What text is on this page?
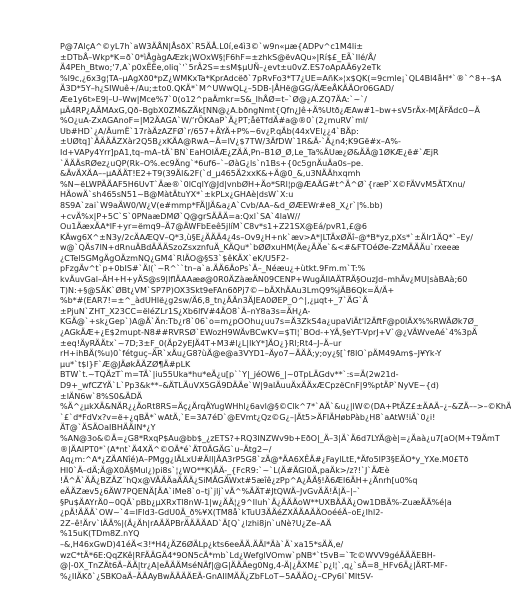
P@7AlçA^©yL7h`aW3ÄÅN|ÅsðX`R5ÄÅ.L0í,e4ì3©`w9n«µæ{ADPv^c1M4li±
±DTbÅ–Wkp*K=ð`0*ìÅgàgAÆzk¡WOxW§¦F6hF=±zhkS@ëvAQu»|Rí$£_EÃ`Ilé/Å/
Ä4PEh_Btwo;'7,A`p0xËËe,oliq`'`5rÂ2S=±sM$µUÑ–¿evt±u0vZ.ES7oApAÄ6y2eTk
%l9c,¿6x3g¦TA–µAgXð0*pZ¿WMKxTa*KprAdcëð`7pRvFo3*T7¿UE=AñK»¦x$QK(=9cmle¡`QL4Bl4åH*`®`^8+–$A
Ä3D*5Y–h¿SIWuê+/Au;±to0.QKÄ*`M^UWwQL¿–5DB-|ÅHë@GG/ÄÆeÅKÄÄOr06GAD/
Æe1y6t»E9|–U–Ww|Mce%7`0(o12^paÄmkr=S&_lhÅØ=t–`Ø@¿A.ZQ7ÄA:`~`/
µÄ4RP¿AÄMAxG,Qð–BgbX0ZM&ZÄk[NN@¿A.bðngNmt{Qfn¿Jê+Ä%Utð¿ÆAw#1–bw+sV5rÄx-M[ÄFÄdc0~Ä
%O¿uA-ZxAGAnoF=|M2ÄAGA`W/’rÖKAaP`Ä¿PT;åëTfdÄ#a@®0`(2¿muRV`ml/
Ub#HD`¿A/ÄumË`17ràÄzAZFØ`r/657+ÄYÄ+P%~6v¿P.qÄb(44xVEl¿¿4`BÄp:
±UØtq]`ÄÄÄÄZXàr2Q5B¿xKÄA@RwA~Ä=lV¿$7TW/3ÄfDW`1R&Ä-`Ä¿n4;K9Gë#x–A%-
Id+VAPy4Yrr]pA1,tq–mA–tÄ`BN`EaHOIÄÆ¿ZÄÄ,Pn–B1Ø_Ø,Le_Ta%ÄUæ¿Ø&ÄÄ@1ØKÆ¿ë#`ÆjR
`ÄÄÄsRØez¿uQP(Rk–O%.ec9Äng`*6uf6–`–ØàG¿ls`n1Bs+{0c5gnÄuÄa0s–pe.
&ÄvÄXÄA––µAÄÄT!E2+T9(39Äl&2F(`d_µ465Ä2xxK&+Ä@0_&,u3NÄÄhxqmh
%N~ëLWPÄÄAF5H6UvT`Äæ®`0lCqlY@Jd|vnbØH+Äo*SRl¦p@ÆAÄG#t^Ä^Ø`{ræP`X©FÄVvM5ÄTXnu/
HÄowÄ`sh465sN51~B@MàtÄtuYX*`±kPLx¿GHAè|dsW`X:u
8S9A`zai`W9aÄW0/W¿V(e#mmp*FÄ|JÄ&a¿A`Cvb/AA–&d_ØÆEWr#e8_X¿r`|%.bb)
+cvÄ%x|P+5C`S`0PNaæDMØ`Q@grSÄÄÄ=a:Qxl`SA`4laW//
Ou1ÄæxÄA*lF+yr=ëmq9–Ä7@ÄWFbEeê5jlíM`C8v*s1+Z21SX@Eá/pvR1,£@6
KÄwg6X^±N3y/2cÄAÆQV–Q*3,ù§E¿ÄÄÄ4¿4s–Ov9¿H+nk`æv>A*|LTÄxØÄî–@*B*yz,pXs*`±Älr1ÄQ*`–Ey/
w@`QÄs7lN+dRnuÄBdÄÄÄSzoZsxznfuÄ_KÄQu*`bØØxuHM(Äe¿ÄÄe`&<#&FTOéØe-ZzMÄÄÄu`rxeeæ
¿CTel5GMgÄgOÄzmNQ¿GM4`RlÄO@§S3`$êKÄX`eK/U5F2-
pFzgÄv^t`p+0bIS#`Äl(`~R^``tn–a`a.ÄÄ6ÄoPs`Ä–_Néæu¿+ùtkt.9Fm.m`T:%
kvÄuvGal–ÄH+H+yÄS@s9|lflÄAAæø@0R0ÄZàæÄN09CENP+WugÄIlAÄTRÄ§OuzJd–mhÄv¿MU|sàBAà;60
T)N:+§@SÄK`ØBt¿VM`SP7P)OX3Skt9eFAn6ðPj7©~bÄXhÄAu3LmQ9%jÄB6Qk=Ä/Ä+
%b*#(EAR7!=±^_àdUHlë¿g2sw/Ä6,8_tn¿ÄÄn3ÄJEA0ØEP_O^|,¿µqt+_7`ÄG`Ä
±PjuN`ZHT_X23CC=ëléZLr1S¿Xb6lfV#4ÄO8`Ä–nY8a3s=ÄH¿A-
KGÄ@`+sk¿Gep`)A@Ä`Än:Tb¿r8`06`o=m¿pOOhu¿uu7s=Ä3ZkS4a¿upaViÄt'l2ÄftF@p0lÄX%%RWÄØk7Ø_
¿AGkÄÆ+¿E$2mupt-N8##RVRSØ`EWozH9WÄvBCwKV=$Tl¦`BOd-+YÄ,§eYT-VprJ+V`@¿VÄWveAé`4%3pÄ
±eq!ÄyRÄÄtx`~7D;3±F_0(Äp2yEJÄ4T+M3#l¿L|lkY*]ÄO¿}Rl;Rt4–J–Ä–ur
rH+ihBÄ(%u)0`fétguç–ÄR`xÄu¿G8?ùÄ@e@a3VYD1–Äyo7~ÄÄÄ;y;oy¿§[`f8lO`pÄM49Am$–J¥Yk-Y
µu*`t$l}F`Æ@JÄøkÄÄZØ¶Ä#pLK
BTW`t.~TQÄzT`m=TÄ`|iu55Uka*hu*eÄ¿u[p``Y|_jéOW6_|~0TpLÄGdv**`:s=Ä(2w21d-
D9+_wfCZYÄ`L`Pp3&k**–&ÄTLÄuVX5GÄ9DÄÄe`W|9alÄuuÄxÄÄxÆCpzëCnF|9%ptÄP`NyVE~{d)
±lÄN6w`8%S0&ÄDÄ
%Ä^¿µkXÄ&NÄR¿¿ÄoRt8RS=Äç¿ÄrqÄYugWHhl¿6avl@§©Clk^7*`AÄ`&u¿|lW©(DA+PtÄZ£±ÄAÄ–¿–&ZÄ––>–©KhÄ
`£`d*FdVx?v=ë+¿qBÄ*`wAtÄ,`E=3A7éD`@EVmt¿Qz©G¿–|Ät5>ÄFlÄHøbPàb¿H8`aAtW!iÄ`0¿i!
ÄT@`ÄSÄOaIBHÄÄIN*¿Y
%AN@3o&©Ä=¿G8*RxqP$Au@bb$_¿zETS?+RQ3INZWv9b+EðO|_Ä–3|Ä`Ä6d7LYÄ@è|=¿Äaà¿u7[aO(M+T9ÄmT
®|ÄAlPT0*`(A*nt`Ä4XÄ^©OÄ*é`ÄT0ÄGÄG`u–Ätg2~/
Aq¿m:^A*¿ZÄANîé)A–PMgg¿lÄLxU#Äll|ÄA3rP5G8`zÄ@*ÄA6XÊÄ#¿FaylLtE,*Äfo5lP3§EÄO*y_YXe.M0£Tð
Hl0`Ä–dÄ;Ä@X0Ä§Mul¿)pi8s`¦¿WO**K)ÄÄ-_{FcR9:`~`L(Ä#ÄGl0Ä,paÄk>/z?!`J`ÄÆè
!Ä^Ä`ÄÄ¿BZÄZ¨hQx@VÄÄÄaÄÄÄ¿SiMÄGÄWxt#5æîê¿zPp^A¿ÄÄ§!Ä6Æl6ÄH+¿Änrh[u0%q
eÄÄZæv5¿6ÄW7PQENÄ[ÄA`iMe8`o–tj`jlj`vÄ^%ÄÄT#JtQWÄ–JvGvÄÄ!Ä|Ä–|–`
§Pu$ÄAYrÄ0~0QÄ`pBb¿µXRxTl8nW-1|w¿ÄÄ¦¿9^Iluh`Ä¿ÄÄÄoW**UXBÄÄÄ¿Ow1DBÄ%-ZuæÄÄ%é|a
¿pÄ!ÄÄÄ`OW~`4=lFld3-GdU0Ä_ð%¥X(TM8å`kTuU3ÄÄéZXÄÄAÄÄOoééÄ–oE¿lhl2-
2Z–ê!Ärv`IÄÄ%|(Ä¿Äh|rAÄÄPBrÄÄÄÄAD`Ä[Q`¿lzhi8jn`uNè?U¿Ze–AÄ
%15uK(TDm8Z.nYQ
–&,H46xGwD)41éÄ<3!*H4¿ÄZ6ØÄLp¿kts6eeÄÄ.ÄÄl*Äà`Ä`xa15*sÄÄ,e/
wzC*tÄ*6E:QqZKê|RFÄÄGÄ4*9ON5cÄ*mb`Ld¿WefglVOmw`pNB*`t5vB=`Tc©WVV9géÄÄÄEBH-
@|-0X_TnZÄt6Ä–ÄÄ|tr¿A|eÄÄÄMséNÄf|@G|ÄÄÄeg0Ng,4-Ä|¿ÄXM£`p¿l¦`,q¿`sÄ=8_HFv6Ä¿|ÄRT-MF-
%¿IIÄKð`¿SBKOaÄ–ÄÄAyBwÄÄÄÄEÄ-GnAIlMÄÄ¿ZbFLoT~5AÄÄO¿–CPy6l`Mlt5V-
